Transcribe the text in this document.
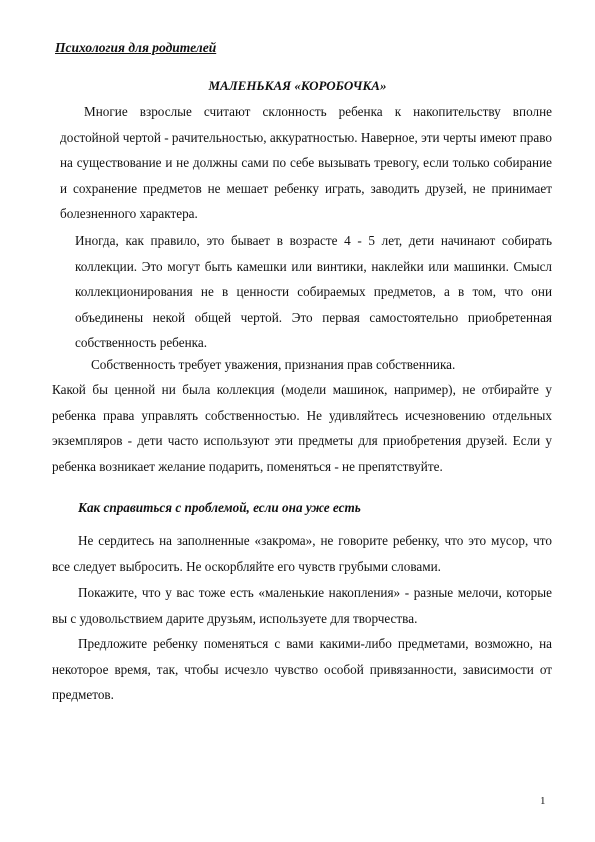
Психология для родителей
МАЛЕНЬКАЯ «КОРОБОЧКА»
Многие взрослые считают склонность ребенка к накопительству вполне достойной чертой - рачительностью, аккуратностью. Наверное, эти черты имеют право на существование и не должны сами по себе вызывать тревогу, если только собирание и сохранение предметов не мешает ребенку играть, заводить друзей, не принимает болезненного характера.
Иногда, как правило, это бывает в возрасте 4 - 5 лет, дети начинают собирать коллекции. Это могут быть камешки или винтики, наклейки или машинки. Смысл коллекционирования не в ценности собираемых предметов, а в том, что они объединены некой общей чертой. Это первая самостоятельно приобретенная собственность ребенка.
Собственность требует уважения, признания прав собственника.
Какой бы ценной ни была коллекция (модели машинок, например), не отбирайте у ребенка права управлять собственностью. Не удивляйтесь исчезновению отдельных экземпляров - дети часто используют эти предметы для приобретения друзей. Если у ребенка возникает желание подарить, поменяться - не препятствуйте.
Как справиться с проблемой, если она уже есть
Не сердитесь на заполненные «закрома», не говорите ребенку, что это мусор, что все следует выбросить. Не оскорбляйте его чувств грубыми словами.
Покажите, что у вас тоже есть «маленькие накопления» - разные мелочи, которые вы с удовольствием дарите друзьям, используете для творчества.
Предложите ребенку поменяться с вами какими-либо предметами, возможно, на некоторое время, так, чтобы исчезло чувство особой привязанности, зависимости от предметов.
1
